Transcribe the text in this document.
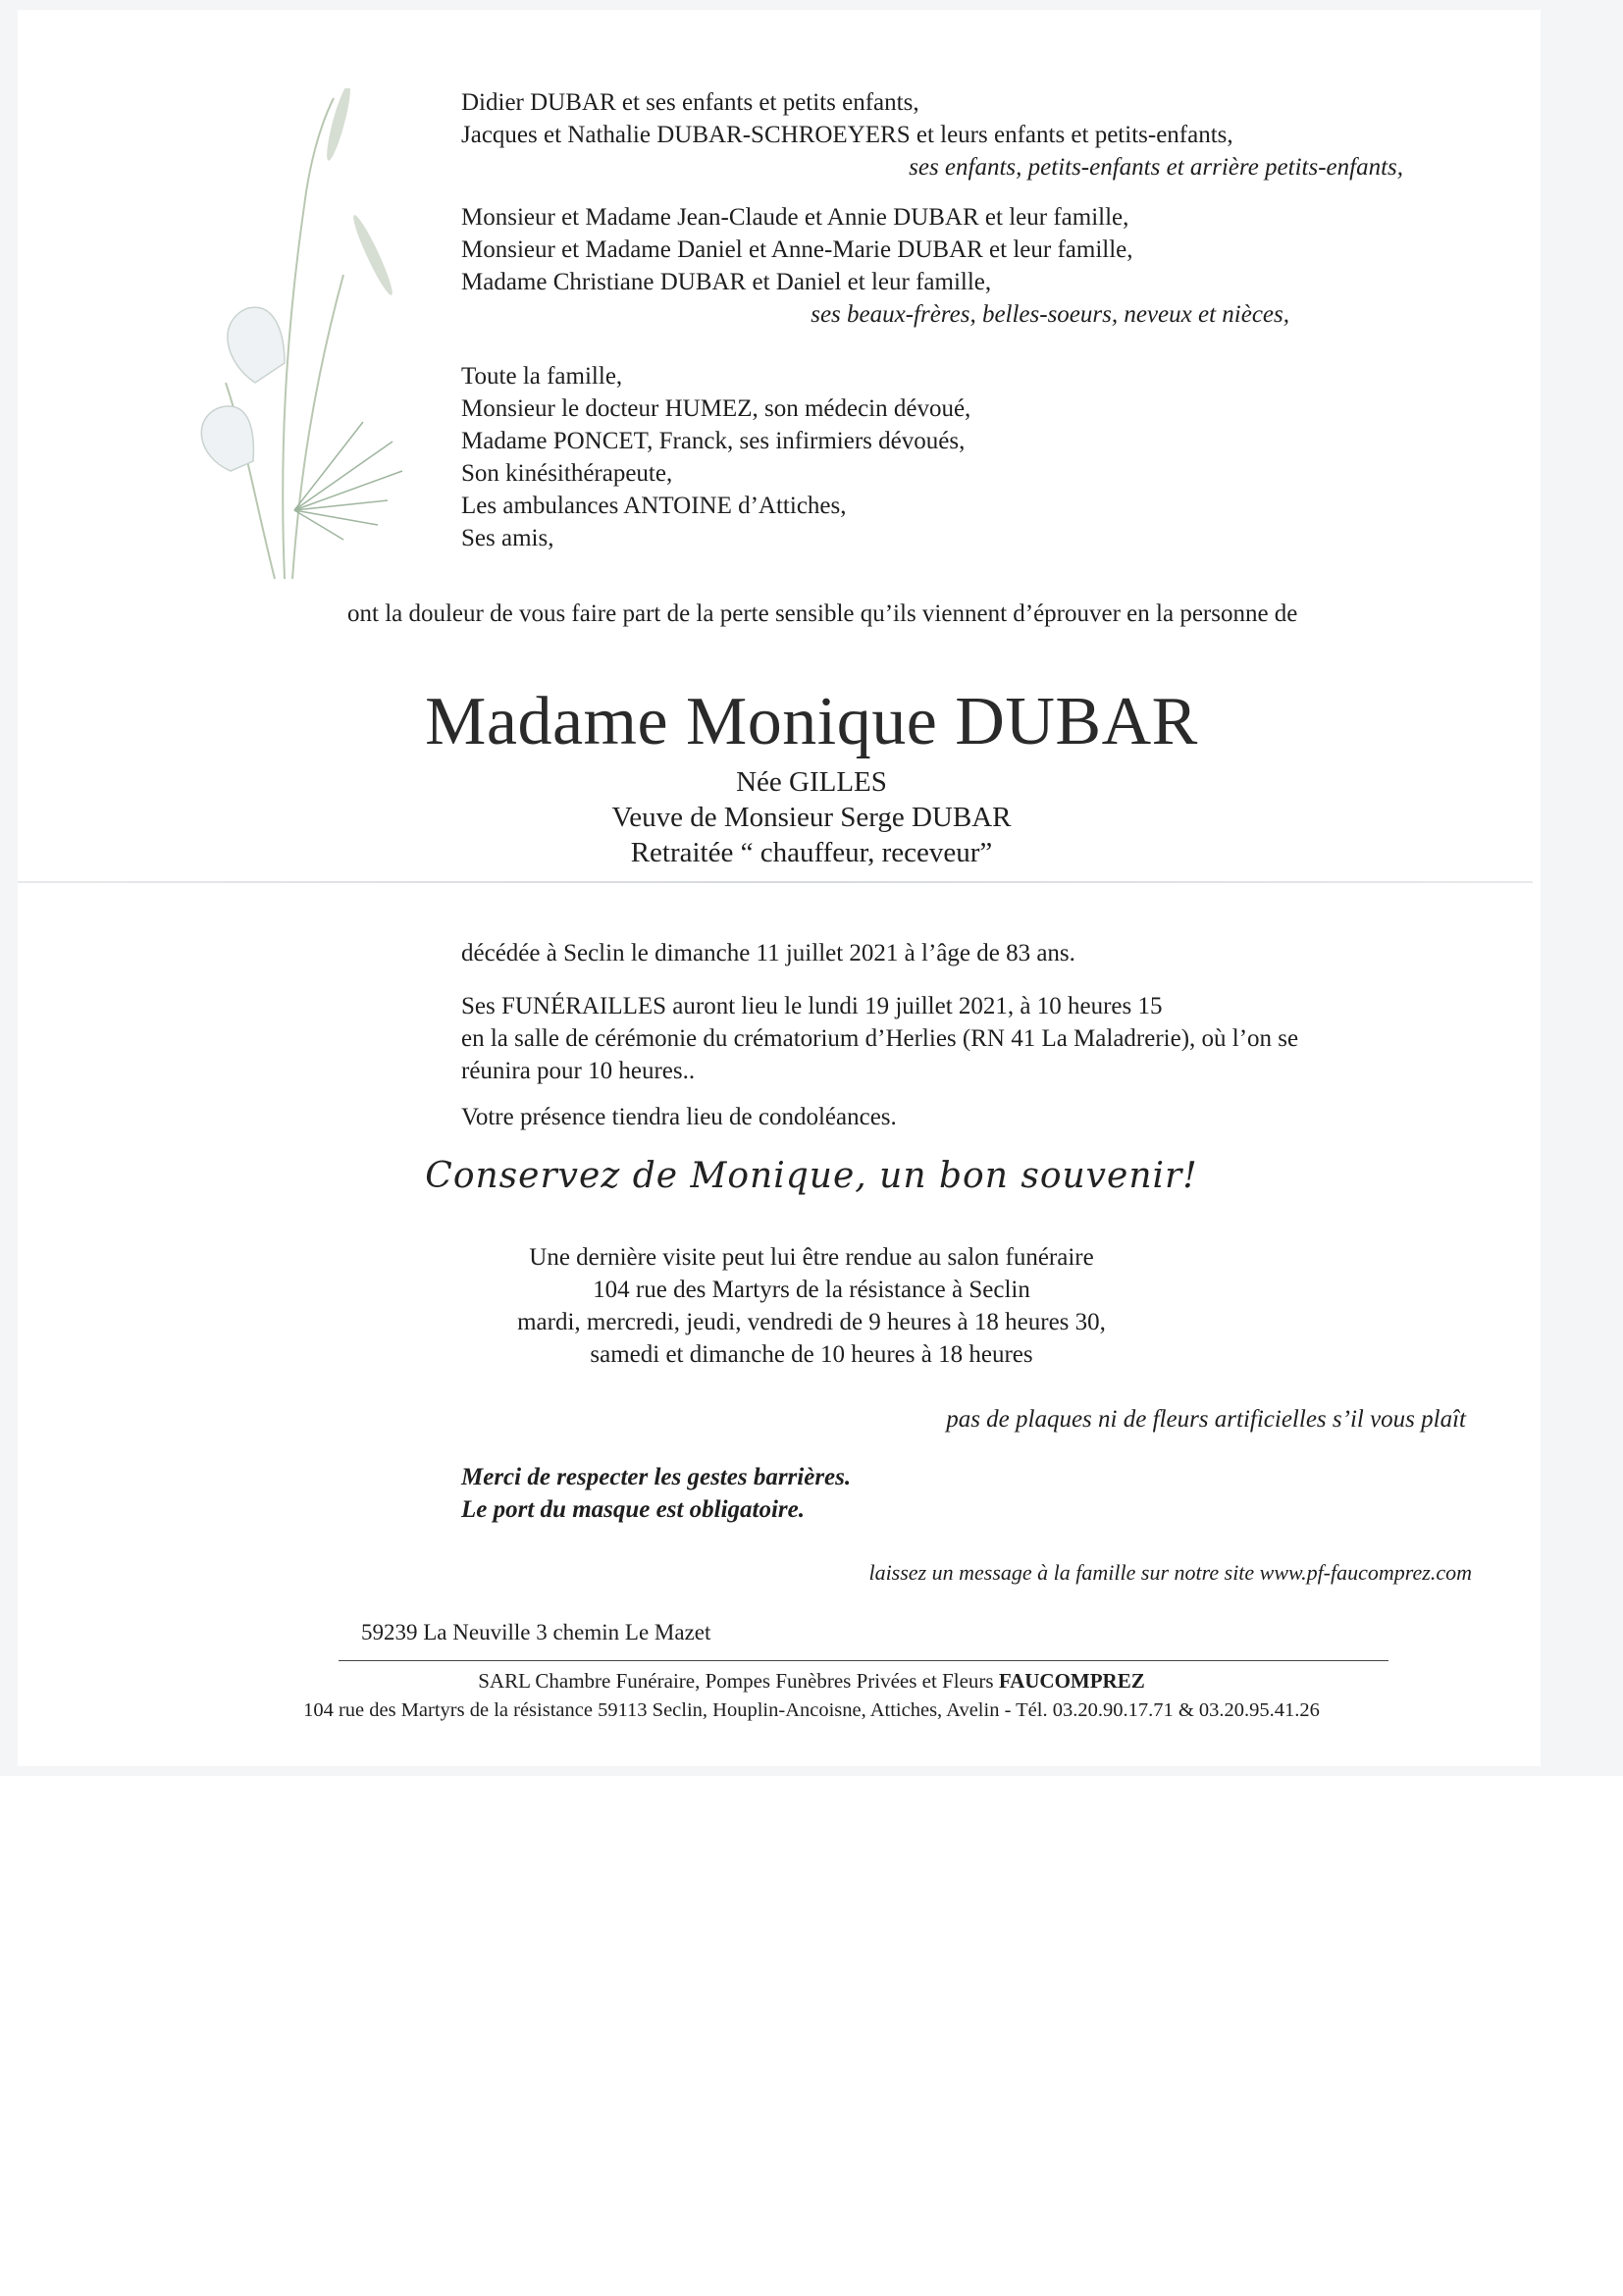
Didier DUBAR et ses enfants et petits enfants,
Jacques et Nathalie DUBAR-SCHROEYERS et leurs enfants et petits-enfants,
ses enfants, petits-enfants et arrière petits-enfants,
Monsieur et Madame Jean-Claude et Annie DUBAR et leur famille,
Monsieur et Madame Daniel et Anne-Marie DUBAR et leur famille,
Madame Christiane DUBAR et Daniel et leur famille,
ses beaux-frères, belles-soeurs, neveux et nièces,
Toute la famille,
Monsieur le docteur HUMEZ, son médecin dévoué,
Madame PONCET, Franck, ses infirmiers dévoués,
Son kinésithérapeute,
Les ambulances ANTOINE d’Attiches,
Ses amis,
ont la douleur de vous faire part de la perte sensible qu’ils viennent d’éprouver en la personne de
Madame Monique DUBAR
Née GILLES
Veuve de Monsieur Serge DUBAR
Retraitée “ chauffeur, receveur”
décédée à Seclin le dimanche 11 juillet 2021 à l’âge de 83 ans.
Ses FUNÉRAILLES auront lieu le lundi 19 juillet 2021, à 10 heures 15
en la salle de cérémonie du crématorium d’Herlies (RN 41 La Maladrerie), où l’on se
réunira pour 10 heures..
Votre présence tiendra lieu de condoléances.
Conservez de Monique, un bon souvenir!
Une dernière visite peut lui être rendue au salon funéraire
104 rue des Martyrs de la résistance à Seclin
mardi, mercredi, jeudi, vendredi de 9 heures à 18 heures 30,
samedi et dimanche de 10 heures à 18 heures
pas de plaques ni de fleurs artificielles s’il vous plaît
Merci de respecter les gestes barrières.
Le port du masque est obligatoire.
laissez un message à la famille sur notre site www.pf-faucomprez.com
59239 La Neuville 3 chemin Le Mazet
SARL Chambre Funéraire, Pompes Funèbres Privées et Fleurs FAUCOMPREZ
104 rue des Martyrs de la résistance 59113 Seclin, Houplin-Ancoisne, Attiches, Avelin - Tél. 03.20.90.17.71 & 03.20.95.41.26
